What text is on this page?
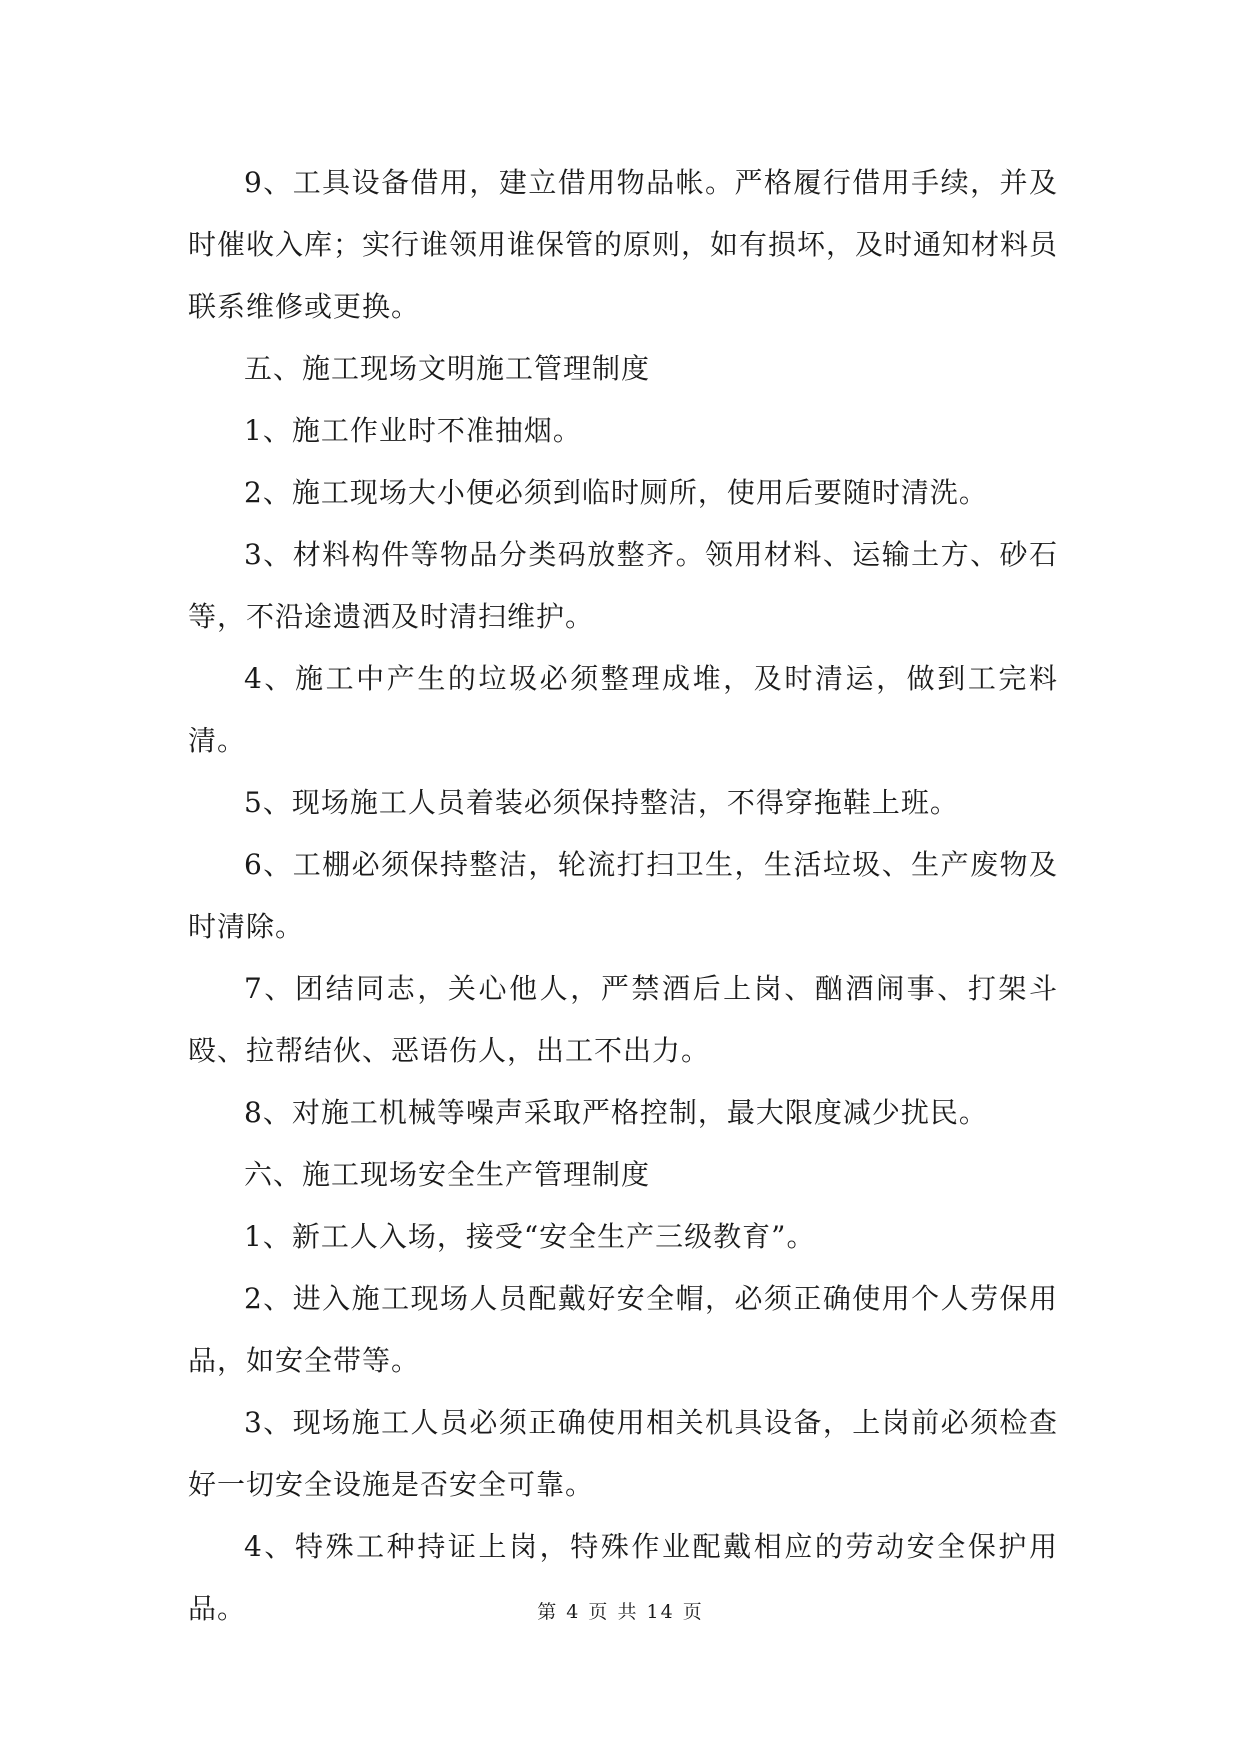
9、工具设备借用，建立借用物品帐。严格履行借用手续，并及时催收入库；实行谁领用谁保管的原则，如有损坏，及时通知材料员联系维修或更换。

五、施工现场文明施工管理制度

1、施工作业时不准抽烟。

2、施工现场大小便必须到临时厕所，使用后要随时清洗。

3、材料构件等物品分类码放整齐。领用材料、运输土方、砂石等，不沿途遗洒及时清扫维护。

4、施工中产生的垃圾必须整理成堆，及时清运，做到工完料清。

5、现场施工人员着装必须保持整洁，不得穿拖鞋上班。

6、工棚必须保持整洁，轮流打扫卫生，生活垃圾、生产废物及时清除。

7、团结同志，关心他人，严禁酒后上岗、酗酒闹事、打架斗殴、拉帮结伙、恶语伤人，出工不出力。

8、对施工机械等噪声采取严格控制，最大限度减少扰民。

六、施工现场安全生产管理制度

1、新工人入场，接受“安全生产三级教育”。

2、进入施工现场人员配戴好安全帽，必须正确使用个人劳保用品，如安全带等。

3、现场施工人员必须正确使用相关机具设备，上岗前必须检查好一切安全设施是否安全可靠。

4、特殊工种持证上岗，特殊作业配戴相应的劳动安全保护用品。	第 4 页 共 14 页
